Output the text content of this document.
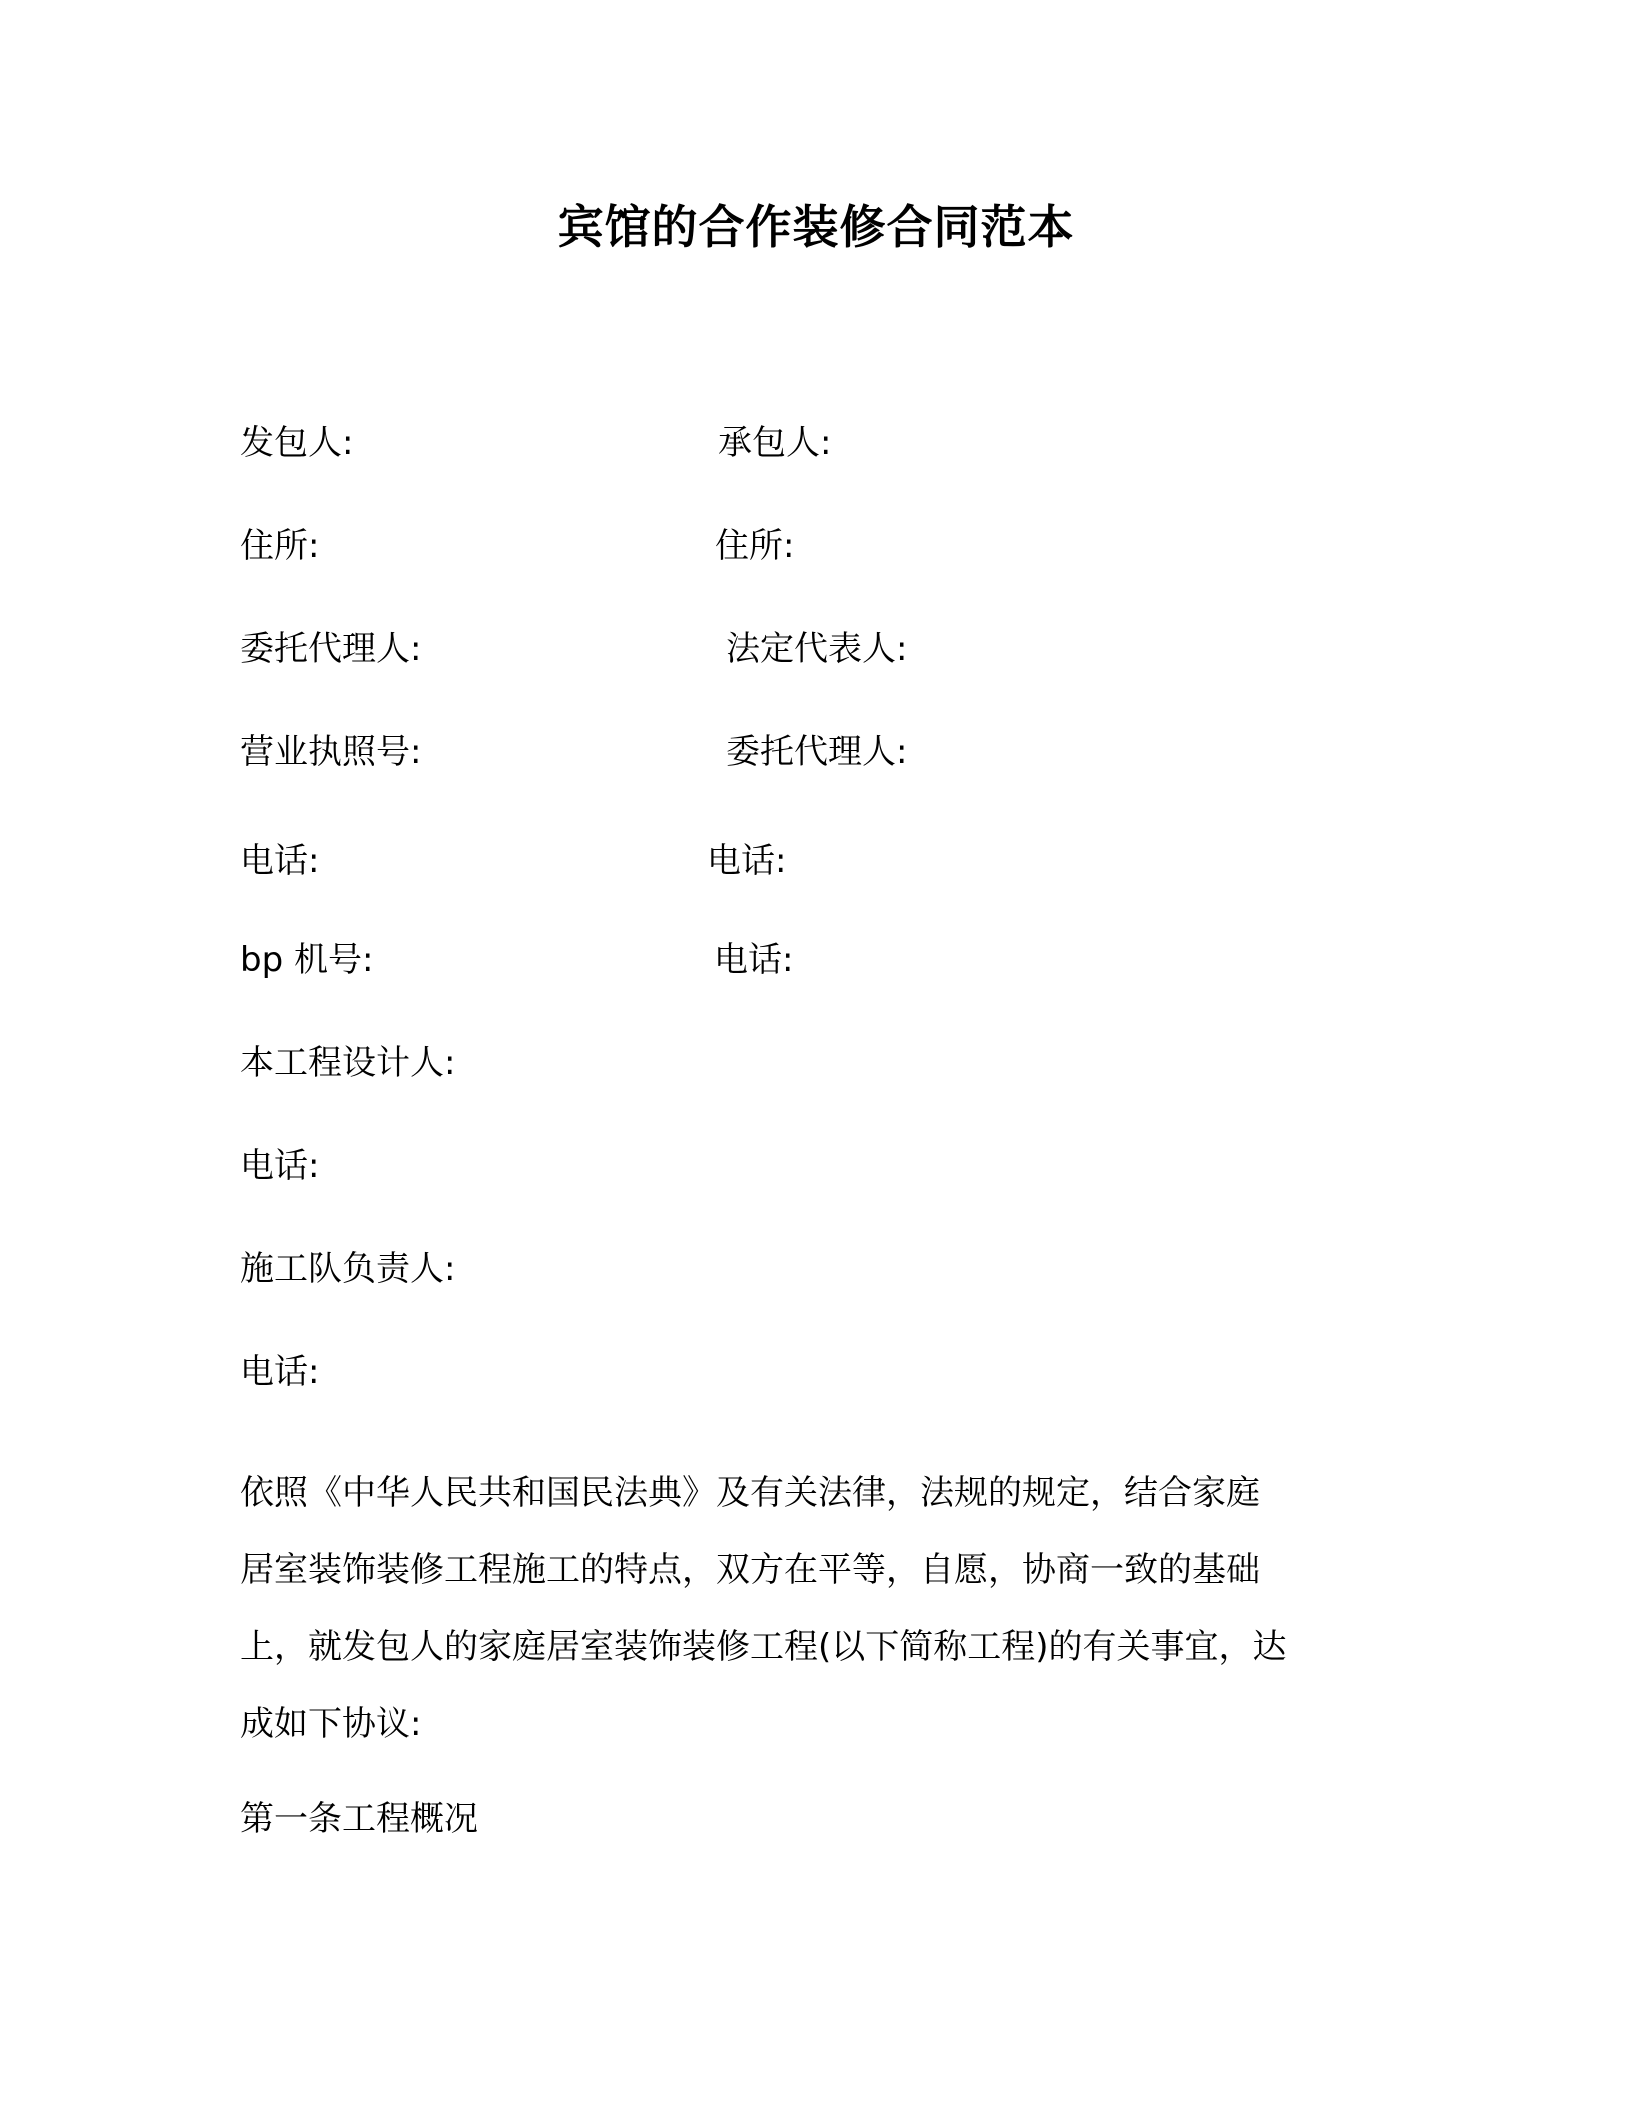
宾馆的合作装修合同范本
发包人:
住所:
委托代理人:
营业执照号:
电话:
bp 机号:
本工程设计人:
电话:
施工队负责人:
电话:
承包人:
住所:
法定代表人:
委托代理人:
电话:
电话:
依照《中华人民共和国民法典》及有关法律，法规的规定，结合家庭
居室装饰装修工程施工的特点，双方在平等，自愿，协商一致的基础
上，就发包人的家庭居室装饰装修工程(以下简称工程)的有关事宜，达
成如下协议:
第一条工程概况
